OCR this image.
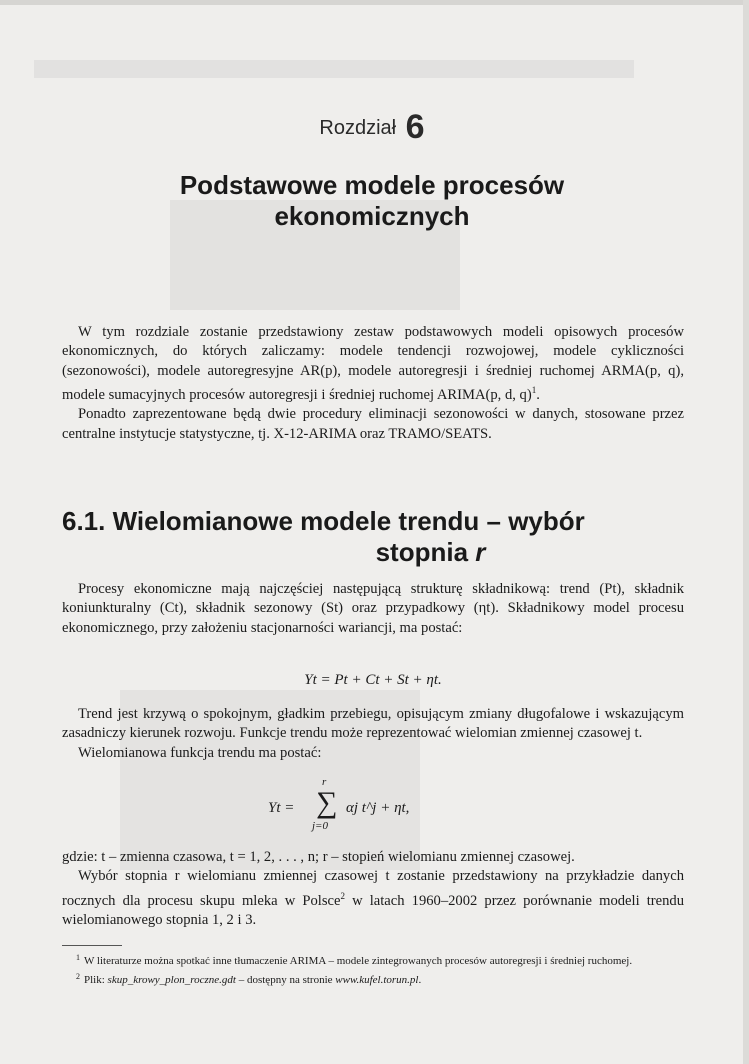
Rozdział 6
Podstawowe modele procesów
ekonomicznych

W tym rozdziale zostanie przedstawiony zestaw podstawowych modeli opisowych procesów ekonomicznych, do których zaliczamy: modele tendencji rozwojowej, modele cykliczności (sezonowości), modele autoregresyjne AR(p), modele autoregresji i średniej ruchomej ARMA(p, q), modele sumacyjnych procesów autoregresji i średniej ruchomej ARIMA(p, d, q)$^1$.

Ponadto zaprezentowane będą dwie procedury eliminacji sezonowości w danych, stosowane przez centralne instytucje statystyczne, tj. X-12-ARIMA oraz TRAMO/SEATS.

6.1. Wielomianowe modele trendu – wybór
stopnia r

Procesy ekonomiczne mają najczęściej następującą strukturę składnikową: trend (Pt), składnik koniunkturalny (Ct), składnik sezonowy (St) oraz przypadkowy (ηt). Składnikowy model procesu ekonomicznego, przy założeniu stacjonarności wariancji, ma postać:

Yt = Pt + Ct + St + ηt.

Trend jest krzywą o spokojnym, gładkim przebiegu, opisującym zmiany długofalowe i wskazującym zasadniczy kierunek rozwoju. Funkcje trendu może reprezentować wielomian zmiennej czasowej t.

Wielomianowa funkcja trendu ma postać:

Yt =
r
∑
j=0
αj t^j + ηt,

gdzie: t – zmienna czasowa, t = 1, 2, . . . , n; r – stopień wielomianu zmiennej czasowej.

Wybór stopnia r wielomianu zmiennej czasowej t zostanie przedstawiony na przykładzie danych rocznych dla procesu skupu mleka w Polsce$^2$ w latach 1960–2002 przez porównanie modeli trendu wielomianowego stopnia 1, 2 i 3.

$^1$ W literaturze można spotkać inne tłumaczenie ARIMA – modele zintegrowanych procesów autoregresji i średniej ruchomej.

$^2$ Plik: skup_krowy_plon_roczne.gdt – dostępny na stronie www.kufel.torun.pl.
